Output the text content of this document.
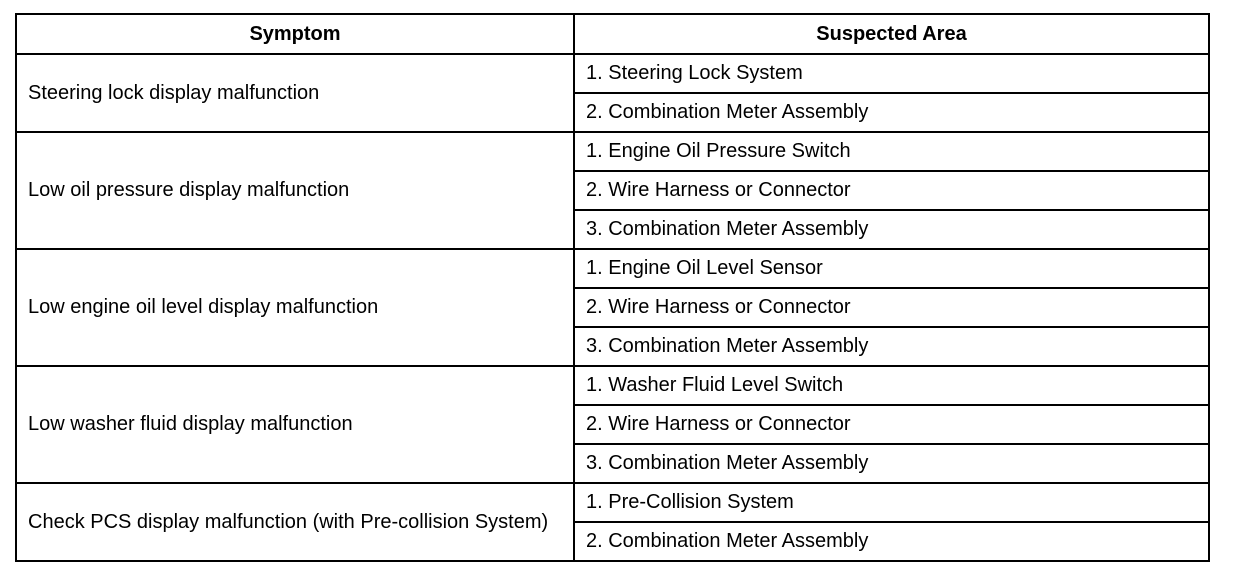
Symptom	Suspected Area
Steering lock display malfunction	1. Steering Lock System
	2. Combination Meter Assembly
Low oil pressure display malfunction	1. Engine Oil Pressure Switch
	2. Wire Harness or Connector
	3. Combination Meter Assembly
Low engine oil level display malfunction	1. Engine Oil Level Sensor
	2. Wire Harness or Connector
	3. Combination Meter Assembly
Low washer fluid display malfunction	1. Washer Fluid Level Switch
	2. Wire Harness or Connector
	3. Combination Meter Assembly
Check PCS display malfunction (with Pre-collision System)	1. Pre-Collision System
	2. Combination Meter Assembly
